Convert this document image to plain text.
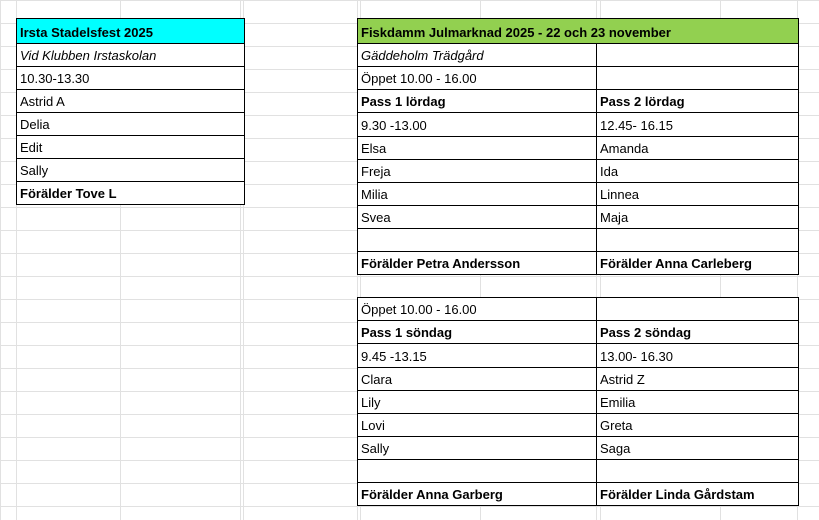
Irsta Stadelsfest 2025
Vid Klubben Irstaskolan
10.30-13.30
Astrid A
Delia
Edit
Sally
Förälder Tove L
Fiskdamm Julmarknad 2025 - 22 och 23 november	
Gäddeholm Trädgård	
Öppet 10.00 - 16.00	
Pass 1 lördag	Pass 2 lördag
9.30 -13.00	12.45- 16.15
Elsa	Amanda
Freja	Ida
Milia	Linnea
Svea	Maja

Förälder Petra Andersson	Förälder Anna Carleberg
Öppet 10.00 - 16.00	
Pass 1 söndag	Pass 2 söndag
9.45 -13.15	13.00- 16.30
Clara	Astrid Z
Lily	Emilia
Lovi	Greta
Sally	Saga

Förälder Anna Garberg	Förälder Linda Gårdstam
